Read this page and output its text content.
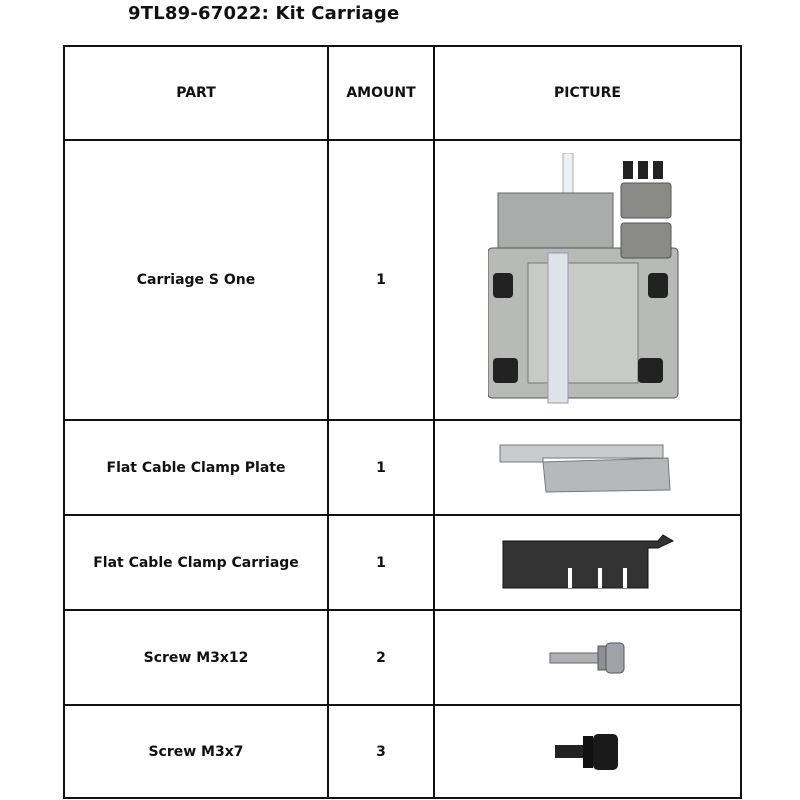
9TL89-67022: Kit Carriage
PART	AMOUNT	PICTURE
Carriage S One	1	

Flat Cable Clamp Plate	1	

Flat Cable Clamp Carriage	1	

Screw M3x12	2	

Screw M3x7	3	
